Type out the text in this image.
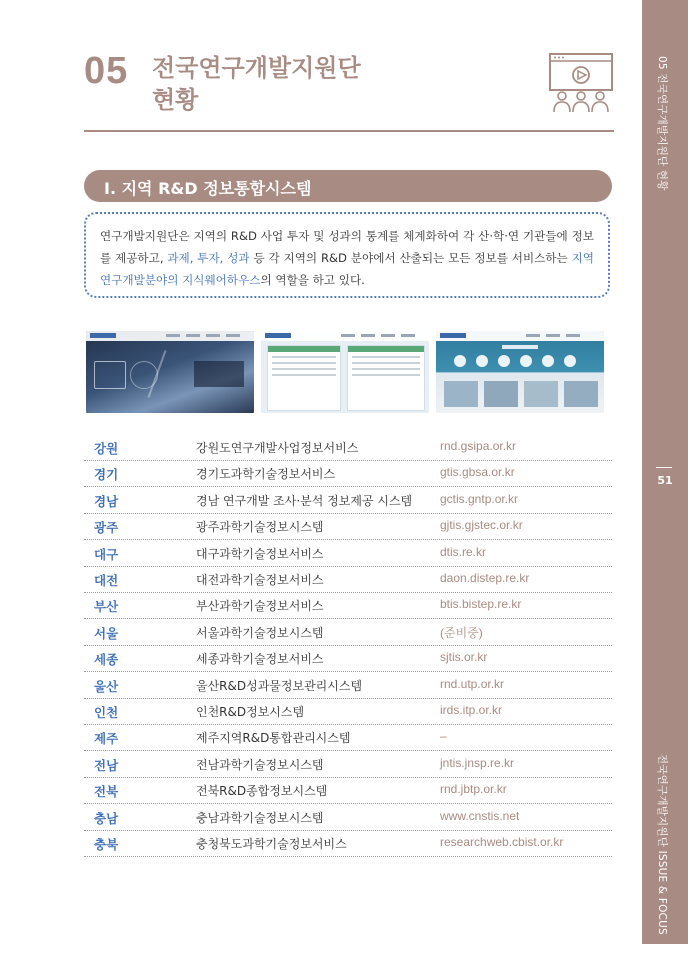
05 전국연구개발지원단 현황
51
전국연구개발지원단 ISSUE & FOCUS
05 전국연구개발지원단
현황
Ⅰ. 지역 R&D 정보통합시스템
연구개발지원단은 지역의 R&D 사업 투자 및 성과의 통계를 체계화하여 각 산·학·연 기관들에 정보를 제공하고, 과제, 투자, 성과 등 각 지역의 R&D 분야에서 산출되는 모든 정보를 서비스하는 지역 연구개발분야의 지식웨어하우스의 역할을 하고 있다.
강원	강원도연구개발사업정보서비스	rnd.gsipa.or.kr
경기	경기도과학기술정보서비스	gtis.gbsa.or.kr
경남	경남 연구개발 조사·분석 정보제공 시스템 gctis.gntp.or.kr
광주	광주과학기술정보시스템	gjtis.gjstec.or.kr
대구	대구과학기술정보서비스	dtis.re.kr
대전	대전과학기술정보서비스	daon.distep.re.kr
부산	부산과학기술정보서비스	btis.bistep.re.kr
서울	서울과학기술정보시스템	(준비중)
세종	세종과학기술정보서비스	sjtis.or.kr
울산	울산R&D성과물정보관리시스템	rnd.utp.or.kr
인천	인천R&D정보시스템	irds.itp.or.kr
제주	제주지역R&D통합관리시스템	–
전남	전남과학기술정보시스템	jntis.jnsp.re.kr
전북	전북R&D종합정보시스템	rnd.jbtp.or.kr
충남	충남과학기술정보시스템	www.cnstis.net
충북	충청북도과학기술정보서비스	researchweb.cbist.or.kr
